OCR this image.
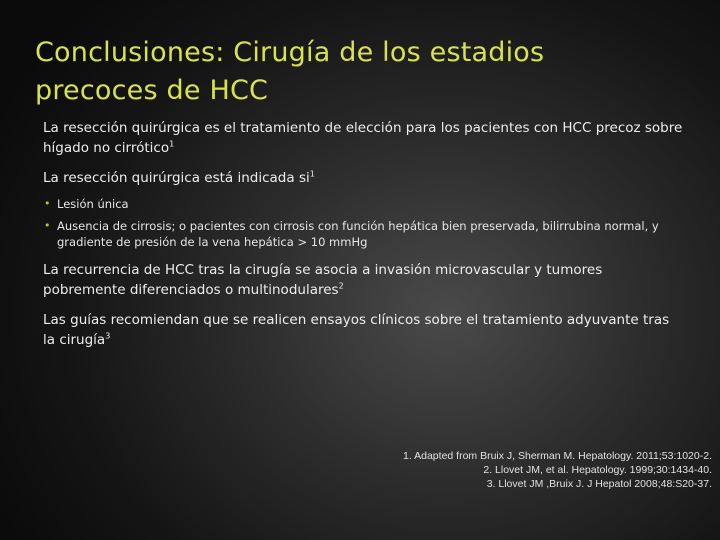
Conclusiones: Cirugía de los estadios precoces de HCC

La resección quirúrgica es el tratamiento de elección para los pacientes con HCC precoz sobre hígado no cirrótico$^1$

La resección quirúrgica está indicada $si^1$

• Lesión única
• Ausencia de cirrosis; o pacientes con cirrosis con función hepática bien preservada, bilirrubina normal, y gradiente de presión de la vena hepática > 10 mmHg

La recurrencia de HCC tras la cirugía se asocia a invasión microvascular y tumores pobremente diferenciados o multinodulares$^2$

Las guías recomiendan que se realicen ensayos clínicos sobre el tratamiento adyuvante tras la cirugía$^3$

1. Adapted from Bruix J, Sherman M. Hepatology. 2011;53:1020-2.
2. Llovet JM, et al. Hepatology. 1999;30:1434-40.
3. Llovet JM ,Bruix J. J Hepatol 2008;48:S20-37.
